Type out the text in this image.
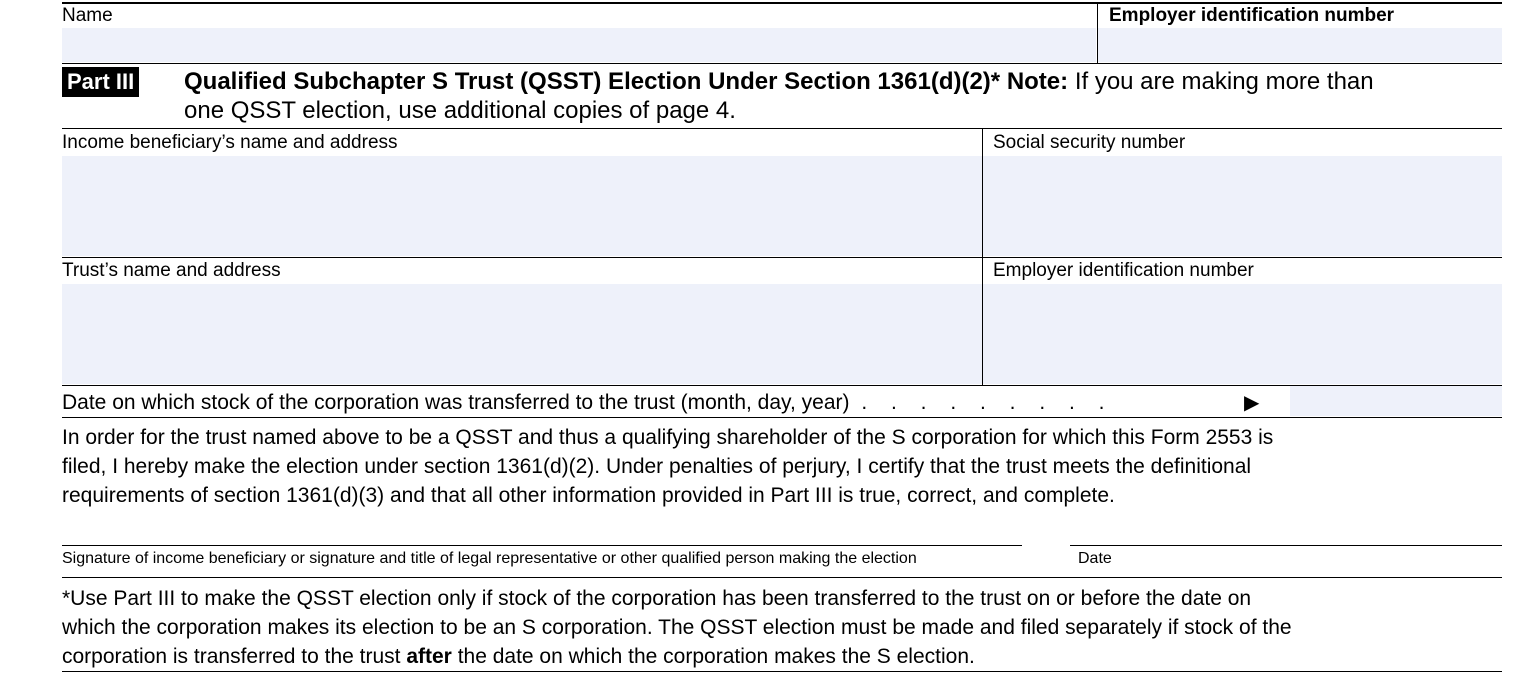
Name	Employer identification number
Part III Qualified Subchapter S Trust (QSST) Election Under Section 1361(d)(2)* Note: If you are making more than
one QSST election, use additional copies of page 4.
Income beneficiary’s name and address	Social security number
Trust’s name and address	Employer identification number
Date on which stock of the corporation was transferred to the trust (month, day, year) . . . . . . . . .	▶
In order for the trust named above to be a QSST and thus a qualifying shareholder of the S corporation for which this Form 2553 is
filed, I hereby make the election under section 1361(d)(2). Under penalties of perjury, I certify that the trust meets the definitional
requirements of section 1361(d)(3) and that all other information provided in Part III is true, correct, and complete.
Signature of income beneficiary or signature and title of legal representative or other qualified person making the election	Date
*Use Part III to make the QSST election only if stock of the corporation has been transferred to the trust on or before the date on
which the corporation makes its election to be an S corporation. The QSST election must be made and filed separately if stock of the
corporation is transferred to the trust after the date on which the corporation makes the S election.
